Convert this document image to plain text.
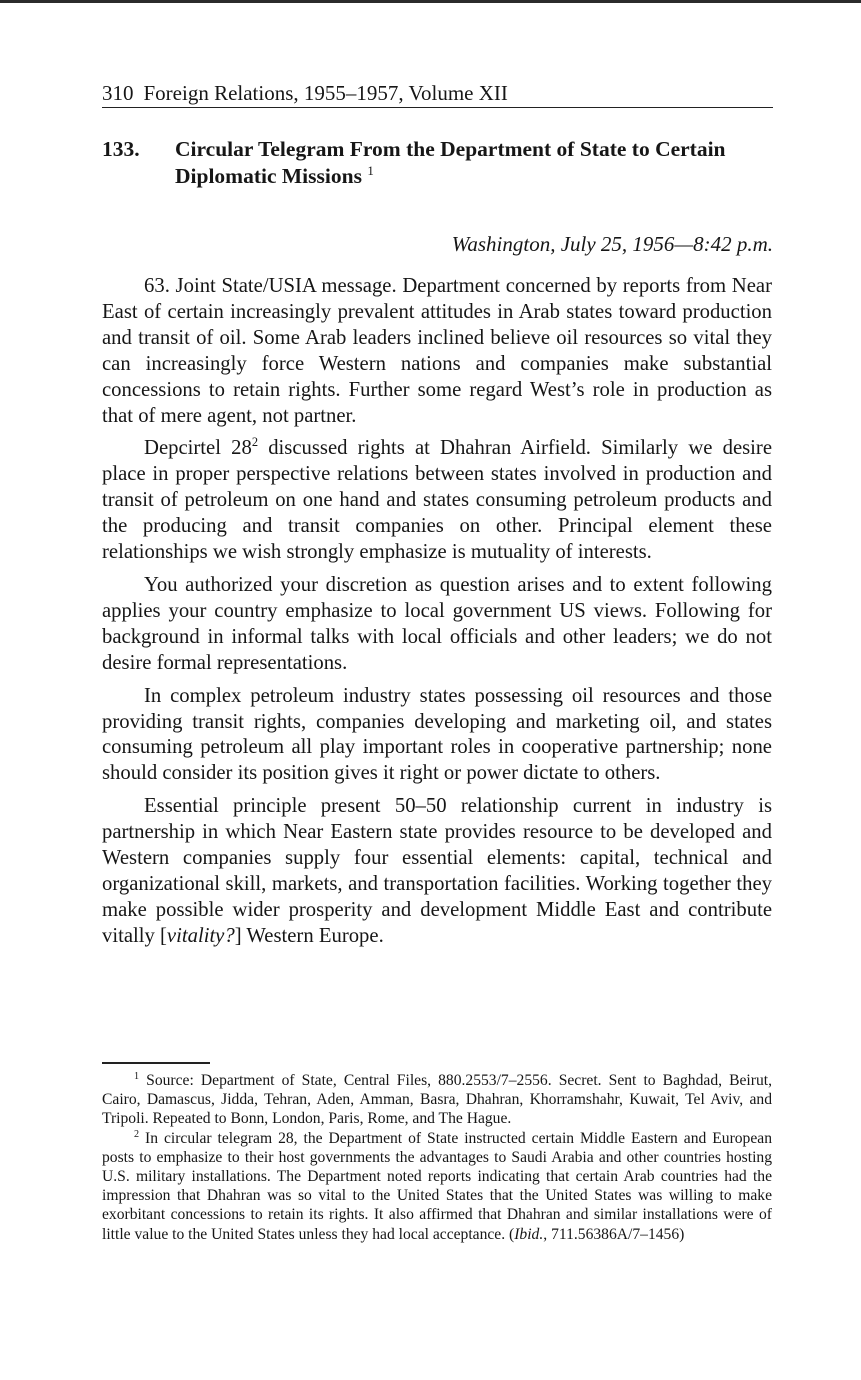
310 Foreign Relations, 1955–1957, Volume XII
133. Circular Telegram From the Department of State to Certain Diplomatic Missions $^1$
Washington, July 25, 1956—8:42 p.m.

63. Joint State/USIA message. Department concerned by reports from Near East of certain increasingly prevalent attitudes in Arab states toward production and transit of oil. Some Arab leaders inclined believe oil resources so vital they can increasingly force Western nations and companies make substantial concessions to retain rights. Further some regard West’s role in production as that of mere agent, not partner.

Depcirtel $28^2$ discussed rights at Dhahran Airfield. Similarly we desire place in proper perspective relations between states involved in production and transit of petroleum on one hand and states consuming petroleum products and the producing and transit companies on other. Principal element these relationships we wish strongly emphasize is mutuality of interests.

You authorized your discretion as question arises and to extent following applies your country emphasize to local government US views. Following for background in informal talks with local officials and other leaders; we do not desire formal representations.

In complex petroleum industry states possessing oil resources and those providing transit rights, companies developing and marketing oil, and states consuming petroleum all play important roles in cooperative partnership; none should consider its position gives it right or power dictate to others.

Essential principle present 50–50 relationship current in industry is partnership in which Near Eastern state provides resource to be developed and Western companies supply four essential elements: capital, technical and organizational skill, markets, and transportation facilities. Working together they make possible wider prosperity and development Middle East and contribute vitally [vitality?] Western Europe.

$^1$ Source: Department of State, Central Files, 880.2553/7–2556. Secret. Sent to Baghdad, Beirut, Cairo, Damascus, Jidda, Tehran, Aden, Amman, Basra, Dhahran, Khorramshahr, Kuwait, Tel Aviv, and Tripoli. Repeated to Bonn, London, Paris, Rome, and The Hague.

$^2$ In circular telegram 28, the Department of State instructed certain Middle Eastern and European posts to emphasize to their host governments the advantages to Saudi Arabia and other countries hosting U.S. military installations. The Department noted reports indicating that certain Arab countries had the impression that Dhahran was so vital to the United States that the United States was willing to make exorbitant concessions to retain its rights. It also affirmed that Dhahran and similar installations were of little value to the United States unless they had local acceptance. (Ibid., 711.56386A/7–1456)
